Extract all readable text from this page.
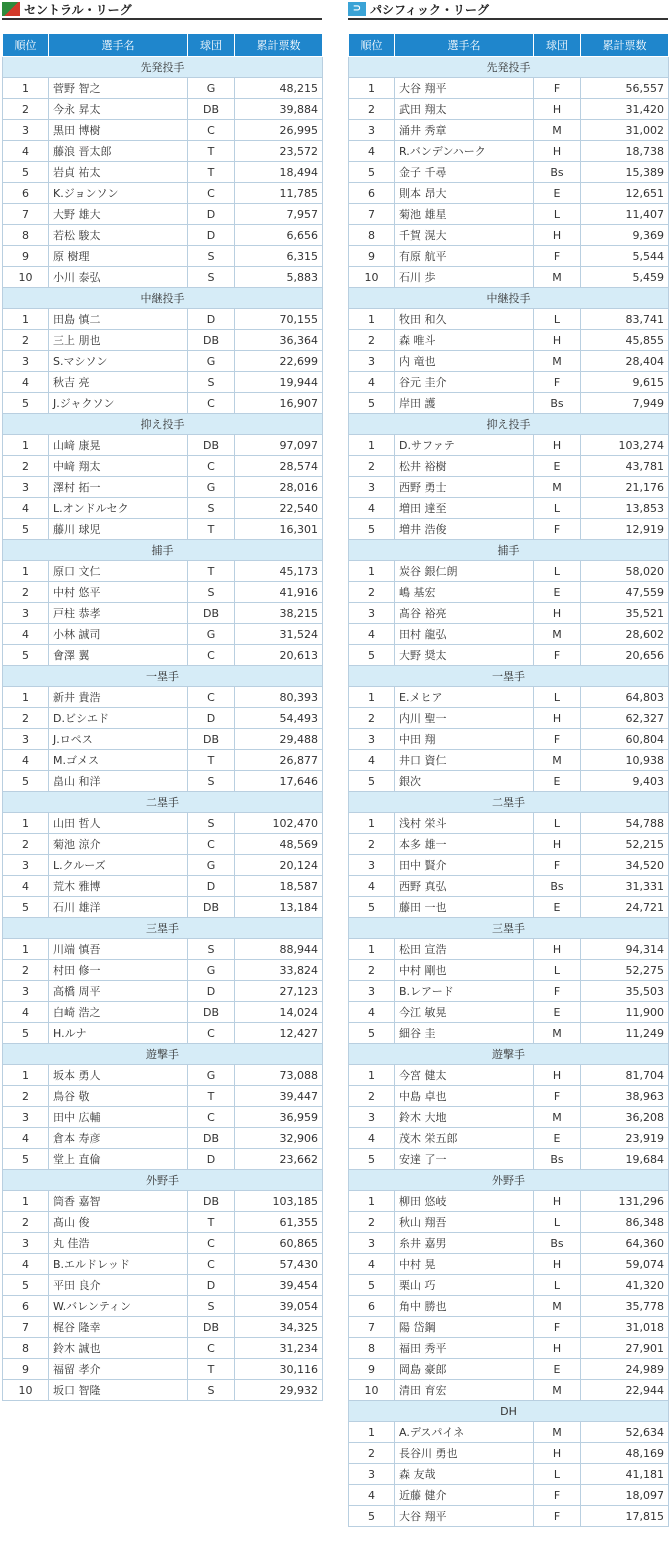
セントラル・リーグ
順位	選手名	球団	累計票数
先発投手			
1	菅野 智之	G	48,215
2	今永 昇太	DB	39,884
3	黒田 博樹	C	26,995
4	藤浪 晋太郎	T	23,572
5	岩貞 祐太	T	18,494
6	K.ジョンソン	C	11,785
7	大野 雄大	D	7,957
8	若松 駿太	D	6,656
9	原 樹理	S	6,315
10	小川 泰弘	S	5,883
中継投手			
1	田島 慎二	D	70,155
2	三上 朋也	DB	36,364
3	S.マシソン	G	22,699
4	秋吉 亮	S	19,944
5	J.ジャクソン	C	16,907
抑え投手			
1	山﨑 康晃	DB	97,097
2	中﨑 翔太	C	28,574
3	澤村 拓一	G	28,016
4	L.オンドルセク	S	22,540
5	藤川 球児	T	16,301
捕手			
1	原口 文仁	T	45,173
2	中村 悠平	S	41,916
3	戸柱 恭孝	DB	38,215
4	小林 誠司	G	31,524
5	會澤 翼	C	20,613
一塁手			
1	新井 貴浩	C	80,393
2	D.ビシエド	D	54,493
3	J.ロペス	DB	29,488
4	M.ゴメス	T	26,877
5	畠山 和洋	S	17,646
二塁手			
1	山田 哲人	S	102,470
2	菊池 涼介	C	48,569
3	L.クルーズ	G	20,124
4	荒木 雅博	D	18,587
5	石川 雄洋	DB	13,184
三塁手			
1	川端 慎吾	S	88,944
2	村田 修一	G	33,824
3	高橋 周平	D	27,123
4	白崎 浩之	DB	14,024
5	H.ルナ	C	12,427
遊撃手			
1	坂本 勇人	G	73,088
2	鳥谷 敬	T	39,447
3	田中 広輔	C	36,959
4	倉本 寿彦	DB	32,906
5	堂上 直倫	D	23,662
外野手			
1	筒香 嘉智	DB	103,185
2	髙山 俊	T	61,355
3	丸 佳浩	C	60,865
4	B.エルドレッド	C	57,430
5	平田 良介	D	39,454
6	W.バレンティン	S	39,054
7	梶谷 隆幸	DB	34,325
8	鈴木 誠也	C	31,234
9	福留 孝介	T	30,116
10	坂口 智隆	S	29,932
⊃ パシフィック・リーグ
順位	選手名	球団	累計票数
先発投手			
1	大谷 翔平	F	56,557
2	武田 翔太	H	31,420
3	涌井 秀章	M	31,002
4	R.バンデンハーク	H	18,738
5	金子 千尋	Bs	15,389
6	則本 昂大	E	12,651
7	菊池 雄星	L	11,407
8	千賀 滉大	H	9,369
9	有原 航平	F	5,544
10	石川 歩	M	5,459
中継投手			
1	牧田 和久	L	83,741
2	森 唯斗	H	45,855
3	内 竜也	M	28,404
4	谷元 圭介	F	9,615
5	岸田 護	Bs	7,949
抑え投手			
1	D.サファテ	H	103,274
2	松井 裕樹	E	43,781
3	西野 勇士	M	21,176
4	増田 達至	L	13,853
5	増井 浩俊	F	12,919
捕手			
1	炭谷 銀仁朗	L	58,020
2	嶋 基宏	E	47,559
3	髙谷 裕亮	H	35,521
4	田村 龍弘	M	28,602
5	大野 奨太	F	20,656
一塁手			
1	E.メヒア	L	64,803
2	内川 聖一	H	62,327
3	中田 翔	F	60,804
4	井口 資仁	M	10,938
5	銀次	E	9,403
二塁手			
1	浅村 栄斗	L	54,788
2	本多 雄一	H	52,215
3	田中 賢介	F	34,520
4	西野 真弘	Bs	31,331
5	藤田 一也	E	24,721
三塁手			
1	松田 宣浩	H	94,314
2	中村 剛也	L	52,275
3	B.レアード	F	35,503
4	今江 敏晃	E	11,900
5	細谷 圭	M	11,249
遊撃手			
1	今宮 健太	H	81,704
2	中島 卓也	F	38,963
3	鈴木 大地	M	36,208
4	茂木 栄五郎	E	23,919
5	安達 了一	Bs	19,684
外野手			
1	柳田 悠岐	H	131,296
2	秋山 翔吾	L	86,348
3	糸井 嘉男	Bs	64,360
4	中村 晃	H	59,074
5	栗山 巧	L	41,320
6	角中 勝也	M	35,778
7	陽 岱鋼	F	31,018
8	福田 秀平	H	27,901
9	岡島 豪郎	E	24,989
10	清田 育宏	M	22,944
DH			
1	A.デスパイネ	M	52,634
2	長谷川 勇也	H	48,169
3	森 友哉	L	41,181
4	近藤 健介	F	18,097
5	大谷 翔平	F	17,815
